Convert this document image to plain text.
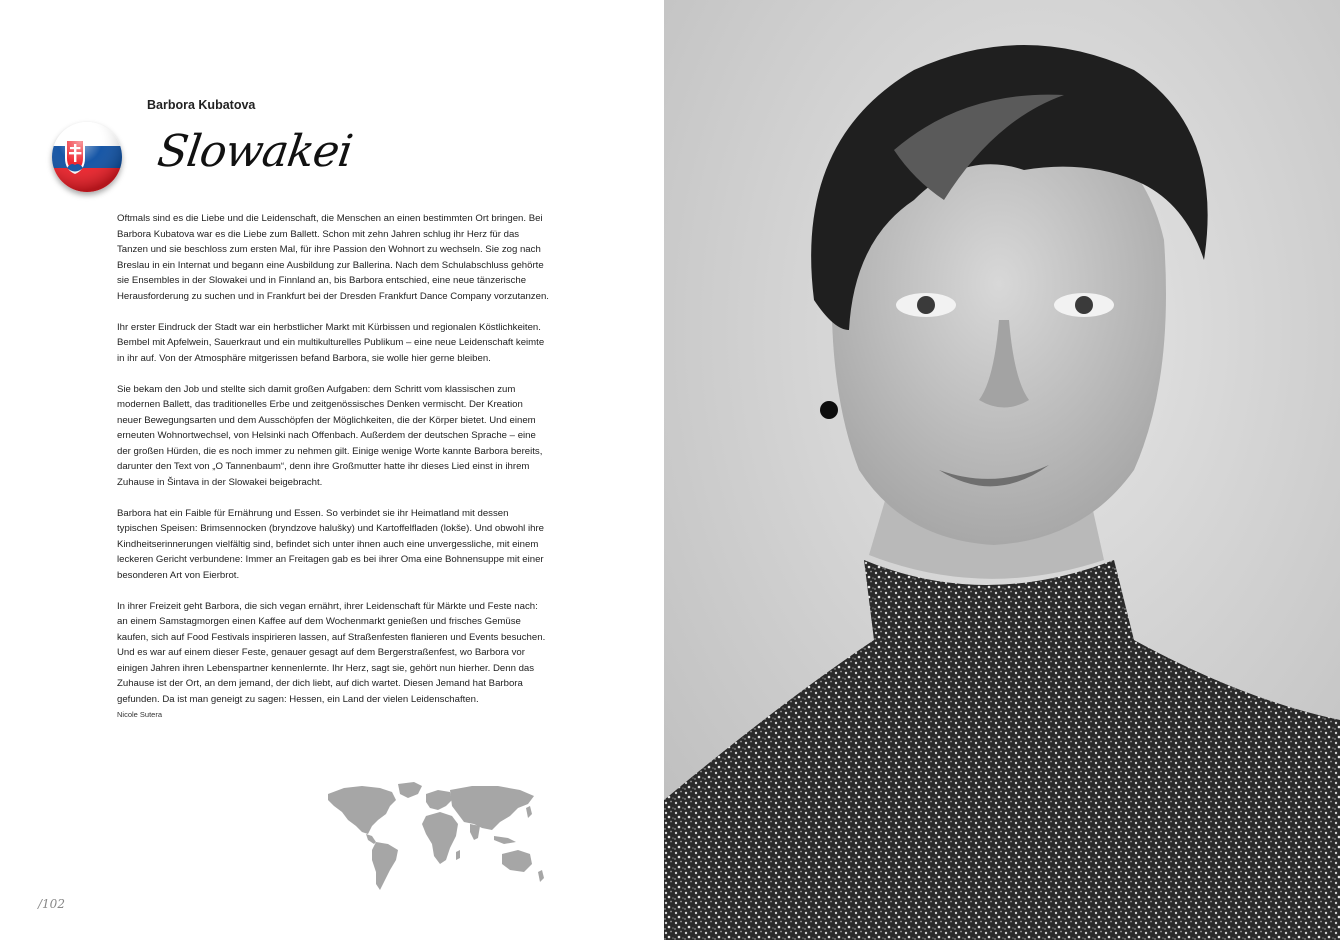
Barbora Kubatova
Slowakei

Oftmals sind es die Liebe und die Leidenschaft, die Menschen an einen bestimmten Ort bringen. Bei Barbora Kubatova war es die Liebe zum Ballett. Schon mit zehn Jahren schlug ihr Herz für das Tanzen und sie beschloss zum ersten Mal, für ihre Passion den Wohnort zu wechseln. Sie zog nach Breslau in ein Internat und begann eine Ausbildung zur Ballerina. Nach dem Schulabschluss gehörte sie Ensembles in der Slowakei und in Finnland an, bis Barbora entschied, eine neue tänzerische Herausforderung zu suchen und in Frankfurt bei der Dresden Frankfurt Dance Company vorzutanzen.

Ihr erster Eindruck der Stadt war ein herbstlicher Markt mit Kürbissen und regionalen Köstlichkeiten. Bembel mit Apfelwein, Sauerkraut und ein multikulturelles Publikum – eine neue Leidenschaft keimte in ihr auf. Von der Atmosphäre mitgerissen befand Barbora, sie wolle hier gerne bleiben.

Sie bekam den Job und stellte sich damit großen Aufgaben: dem Schritt vom klassischen zum modernen Ballett, das traditionelles Erbe und zeitgenössisches Denken vermischt. Der Kreation neuer Bewegungsarten und dem Ausschöpfen der Möglichkeiten, die der Körper bietet. Und einem erneuten Wohnortwechsel, von Helsinki nach Offenbach. Außerdem der deutschen Sprache – eine der großen Hürden, die es noch immer zu nehmen gilt. Einige wenige Worte kannte Barbora bereits, darunter den Text von „O Tannenbaum“, denn ihre Großmutter hatte ihr dieses Lied einst in ihrem Zuhause in Šintava in der Slowakei beigebracht.

Barbora hat ein Faible für Ernährung und Essen. So verbindet sie ihr Heimatland mit dessen typischen Speisen: Brimsennocken (bryndzove halušky) und Kartoffelfladen (lokše). Und obwohl ihre Kindheitserinnerungen vielfältig sind, befindet sich unter ihnen auch eine unvergessliche, mit einem leckeren Gericht verbundene: Immer an Freitagen gab es bei ihrer Oma eine Bohnensuppe mit einer besonderen Art von Eierbrot.

In ihrer Freizeit geht Barbora, die sich vegan ernährt, ihrer Leidenschaft für Märkte und Feste nach: an einem Samstagmorgen einen Kaffee auf dem Wochenmarkt genießen und frisches Gemüse kaufen, sich auf Food Festivals inspirieren lassen, auf Straßenfesten flanieren und Events besuchen. Und es war auf einem dieser Feste, genauer gesagt auf dem Bergerstraßenfest, wo Barbora vor einigen Jahren ihren Lebenspartner kennenlernte. Ihr Herz, sagt sie, gehört nun hierher. Denn das Zuhause ist der Ort, an dem jemand, der dich liebt, auf dich wartet. Diesen Jemand hat Barbora gefunden. Da ist man geneigt zu sagen: Hessen, ein Land der vielen Leidenschaften.

Nicole Sutera
/102
